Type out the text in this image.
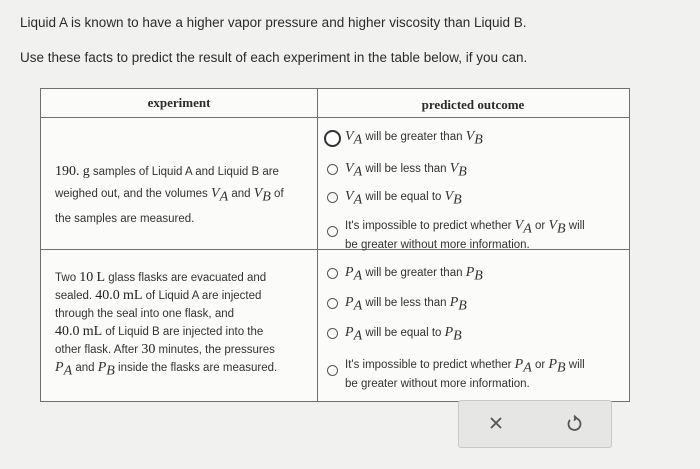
Liquid A is known to have a higher vapor pressure and higher viscosity than Liquid B.
Use these facts to predict the result of each experiment in the table below, if you can.
experiment	predicted outcome
190. g samples of Liquid A and Liquid B are
weighed out, and the volumes $V_A$ and $V_B$ of
the samples are measured.
$V_A$ will be greater than $V_B$
$V_A$ will be less than $V_B$
$V_A$ will be equal to $V_B$
It's impossible to predict whether $V_A$ or $V_B$ will
be greater without more information.
Two 10 L glass flasks are evacuated and
sealed. 40.0 mL of Liquid A are injected
through the seal into one flask, and
40.0 mL of Liquid B are injected into the
other flask. After 30 minutes, the pressures
$P_A$ and $P_B$ inside the flasks are measured.
$P_A$ will be greater than $P_B$
$P_A$ will be less than $P_B$
$P_A$ will be equal to $P_B$
It's impossible to predict whether $P_A$ or $P_B$ will
be greater without more information.
